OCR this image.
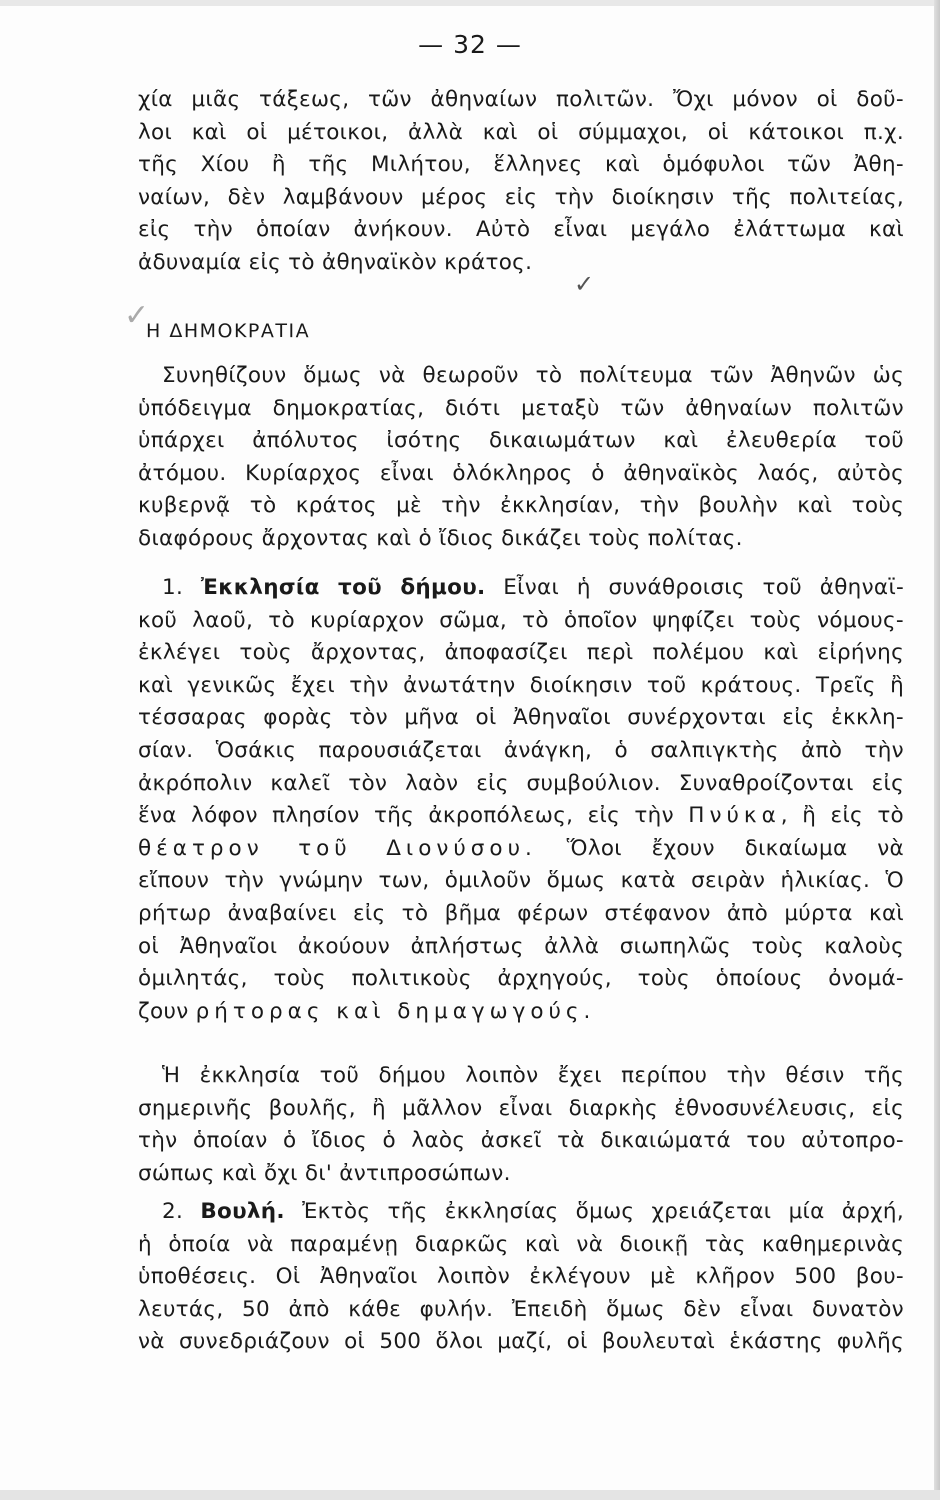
— 32 —
χία μιᾶς τάξεως, τῶν ἀθηναίων πολιτῶν. Ὄχι μόνον οἱ δοῦ-
λοι καὶ οἱ μέτοικοι, ἀλλὰ καὶ οἱ σύμμαχοι, οἱ κάτοικοι π.χ.
τῆς Χίου ἢ τῆς Μιλήτου, ἕλληνες καὶ ὁμόφυλοι τῶν Ἀθη-
ναίων, δὲν λαμβάνουν μέρος εἰς τὴν διοίκησιν τῆς πολιτείας,
εἰς τὴν ὁποίαν ἀνήκουν. Αὐτὸ εἶναι μεγάλο ἐλάττωμα καὶ
ἀδυναμία εἰς τὸ ἀθηναϊκὸν κράτος.
✓
✓
Η ΔΗΜΟΚΡΑΤΙΑ
Συνηθίζουν ὅμως νὰ θεωροῦν τὸ πολίτευμα τῶν Ἀθηνῶν ὡς
ὑπόδειγμα δημοκρατίας, διότι μεταξὺ τῶν ἀθηναίων πολιτῶν
ὑπάρχει ἀπόλυτος ἰσότης δικαιωμάτων καὶ ἐλευθερία τοῦ
ἀτόμου. Κυρίαρχος εἶναι ὁλόκληρος ὁ ἀθηναϊκὸς λαός, αὐτὸς
κυβερνᾷ τὸ κράτος μὲ τὴν ἐκκλησίαν, τὴν βουλὴν καὶ τοὺς
διαφόρους ἄρχοντας καὶ ὁ ἴδιος δικάζει τοὺς πολίτας.
1. Ἐκκλησία τοῦ δήμου. Εἶναι ἡ συνάθροισις τοῦ ἀθηναϊ-
κοῦ λαοῦ, τὸ κυρίαρχον σῶμα, τὸ ὁποῖον ψηφίζει τοὺς νόμους-
ἐκλέγει τοὺς ἄρχοντας, ἀποφασίζει περὶ πολέμου καὶ εἰρήνης
καὶ γενικῶς ἔχει τὴν ἀνωτάτην διοίκησιν τοῦ κράτους. Τρεῖς ἢ
τέσσαρας φορὰς τὸν μῆνα οἱ Ἀθηναῖοι συνέρχονται εἰς ἐκκλη-
σίαν. Ὁσάκις παρουσιάζεται ἀνάγκη, ὁ σαλπιγκτὴς ἀπὸ τὴν
ἀκρόπολιν καλεῖ τὸν λαὸν εἰς συμβούλιον. Συναθροίζονται εἰς
ἕνα λόφον πλησίον τῆς ἀκροπόλεως, εἰς τὴν Πνύκα, ἢ εἰς τὸ
θέατρον τοῦ Διονύσου. Ὅλοι ἔχουν δικαίωμα νὰ
εἴπουν τὴν γνώμην των, ὁμιλοῦν ὅμως κατὰ σειρὰν ἡλικίας. Ὁ
ρήτωρ ἀναβαίνει εἰς τὸ βῆμα φέρων στέφανον ἀπὸ μύρτα καὶ
οἱ Ἀθηναῖοι ἀκούουν ἀπλήστως ἀλλὰ σιωπηλῶς τοὺς καλοὺς
ὁμιλητάς, τοὺς πολιτικοὺς ἀρχηγούς, τοὺς ὁποίους ὀνομά-
ζουν ρήτορας καὶ δημαγωγούς.
Ἡ ἐκκλησία τοῦ δήμου λοιπὸν ἔχει περίπου τὴν θέσιν τῆς
σημερινῆς βουλῆς, ἢ μᾶλλον εἶναι διαρκὴς ἐθνοσυνέλευσις, εἰς
τὴν ὁποίαν ὁ ἴδιος ὁ λαὸς ἀσκεῖ τὰ δικαιώματά του αὐτοπρο-
σώπως καὶ ὄχι δι' ἀντιπροσώπων.
2. Βουλή. Ἐκτὸς τῆς ἐκκλησίας ὅμως χρειάζεται μία ἀρχή,
ἡ ὁποία νὰ παραμένῃ διαρκῶς καὶ νὰ διοικῇ τὰς καθημερινὰς
ὑποθέσεις. Οἱ Ἀθηναῖοι λοιπὸν ἐκλέγουν μὲ κλῆρον 500 βου-
λευτάς, 50 ἀπὸ κάθε φυλήν. Ἐπειδὴ ὅμως δὲν εἶναι δυνατὸν
νὰ συνεδριάζουν οἱ 500 ὅλοι μαζί, οἱ βουλευταὶ ἑκάστης φυλῆς
